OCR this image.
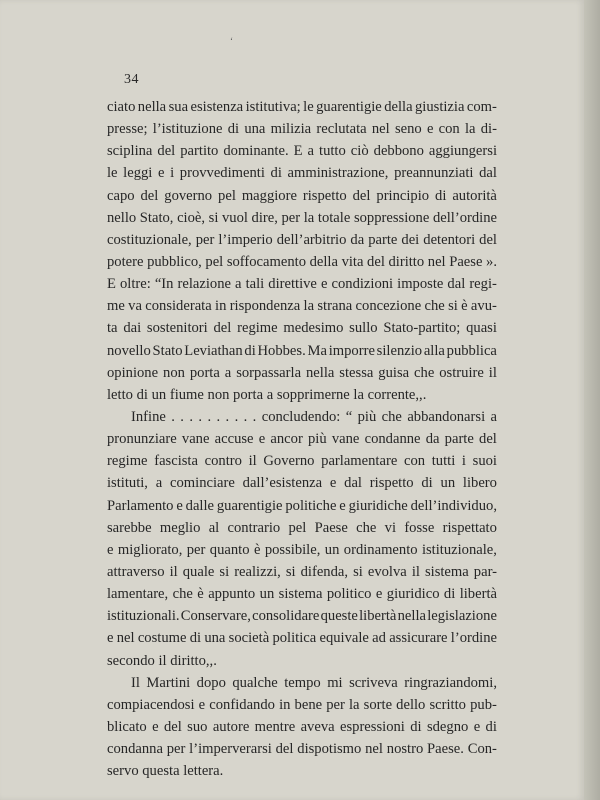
‘
34
ciato nella sua esistenza istitutiva; le guarentigie della giustizia com-
presse; l’istituzione di una milizia reclutata nel seno e con la di-
sciplina del partito dominante. E a tutto ciò debbono aggiungersi
le leggi e i provvedimenti di amministrazione, preannunziati dal
capo del governo pel maggiore rispetto del principio di autorità
nello Stato, cioè, si vuol dire, per la totale soppressione dell’ordine
costituzionale, per l’imperio dell’arbitrio da parte dei detentori del
potere pubblico, pel soffocamento della vita del diritto nel Paese ».
E oltre: “In relazione a tali direttive e condizioni imposte dal regi-
me va considerata in rispondenza la strana concezione che si è avu-
ta dai sostenitori del regime medesimo sullo Stato-partito; quasi
novello Stato Leviathan di Hobbes. Ma imporre silenzio alla pubblica
opinione non porta a sorpassarla nella stessa guisa che ostruire il
letto di un fiume non porta a sopprimerne la corrente,,.
Infine . . . . . . . . . . concludendo: “ più che abbandonarsi a
pronunziare vane accuse e ancor più vane condanne da parte del
regime fascista contro il Governo parlamentare con tutti i suoi
istituti, a cominciare dall’esistenza e dal rispetto di un libero
Parlamento e dalle guarentigie politiche e giuridiche dell’individuo,
sarebbe meglio al contrario pel Paese che vi fosse rispettato
e migliorato, per quanto è possibile, un ordinamento istituzionale,
attraverso il quale si realizzi, si difenda, si evolva il sistema par-
lamentare, che è appunto un sistema politico e giuridico di libertà
istituzionali. Conservare, consolidare queste libertà nella legislazione
e nel costume di una società politica equivale ad assicurare l’ordine
secondo il diritto,,.
Il Martini dopo qualche tempo mi scriveva ringraziandomi,
compiacendosi e confidando in bene per la sorte dello scritto pub-
blicato e del suo autore mentre aveva espressioni di sdegno e di
condanna per l’imperverarsi del dispotismo nel nostro Paese. Con-
servo questa lettera.
